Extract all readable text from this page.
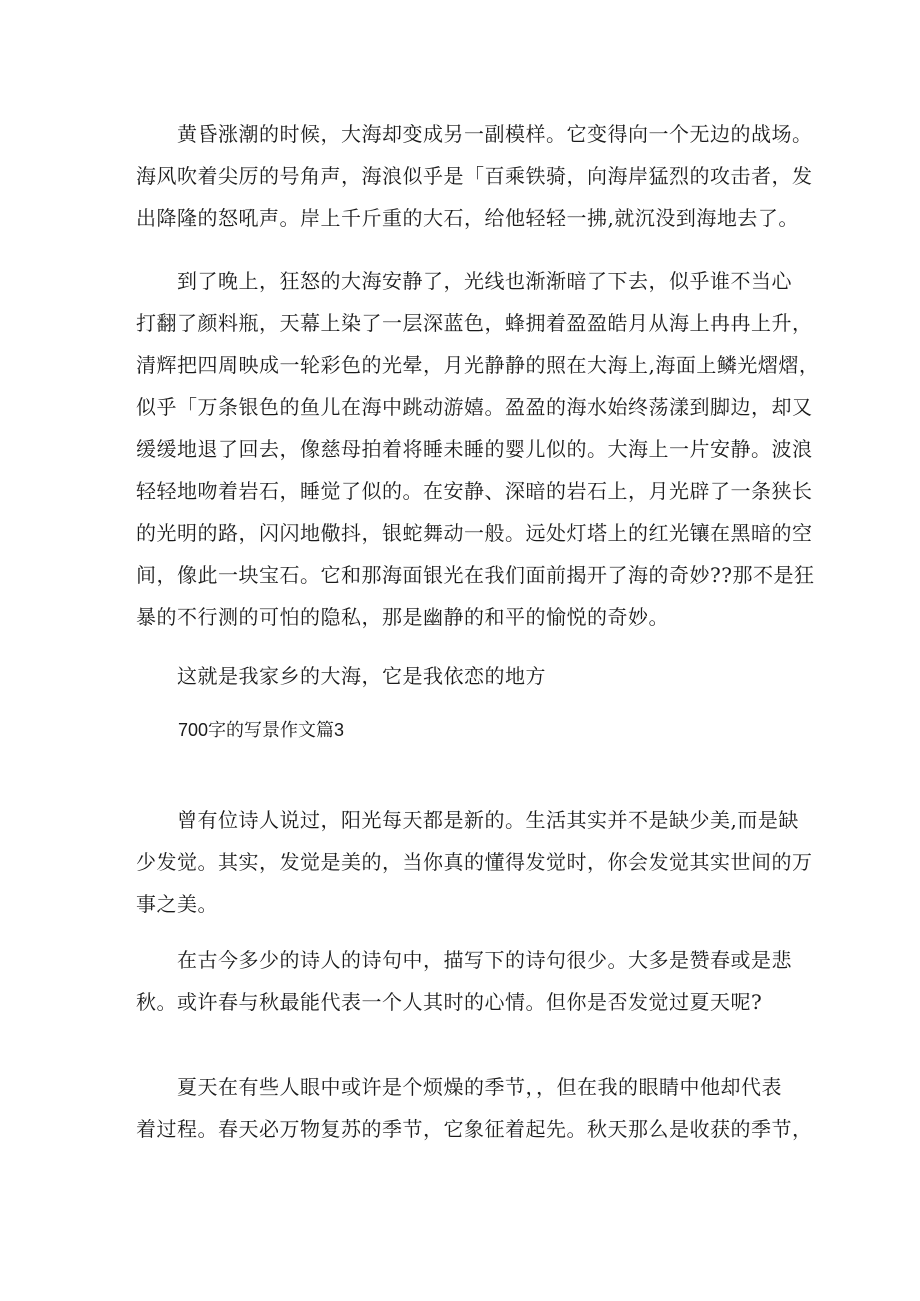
　　黄昏涨潮的时候，大海却变成另一副模样。它变得向一个无边的战场。
海风吹着尖厉的号角声，海浪似乎是「百乘铁骑，向海岸猛烈的攻击者，发
出降隆的怒吼声。岸上千斤重的大石，给他轻轻一拂,就沉没到海地去了。
　　到了晚上，狂怒的大海安静了，光线也渐渐暗了下去，似乎谁不当心
打翻了颜料瓶，天幕上染了一层深蓝色，蜂拥着盈盈皓月从海上冉冉上升，
清辉把四周映成一轮彩色的光晕，月光静静的照在大海上,海面上鳞光熠熠，
似乎「万条银色的鱼儿在海中跳动游嬉。盈盈的海水始终荡漾到脚边，却又
缓缓地退了回去，像慈母拍着将睡未睡的婴儿似的。大海上一片安静。波浪
轻轻地吻着岩石，睡觉了似的。在安静、深暗的岩石上，月光辟了一条狭长
的光明的路，闪闪地儆抖，银蛇舞动一般。远处灯塔上的红光镶在黑暗的空
间，像此一块宝石。它和那海面银光在我们面前揭开了海的奇妙??那不是狂
暴的不行测的可怕的隐私，那是幽静的和平的愉悦的奇妙。
　　这就是我家乡的大海，它是我依恋的地方
700字的写景作文篇3
　　曾有位诗人说过，阳光每天都是新的。生活其实并不是缺少美,而是缺
少发觉。其实，发觉是美的，当你真的懂得发觉时，你会发觉其实世间的万
事之美。
　　在古今多少的诗人的诗句中，描写下的诗句很少。大多是赞春或是悲
秋。或许春与秋最能代表一个人其时的心情。但你是否发觉过夏天呢?
　　夏天在有些人眼中或许是个烦燥的季节，，但在我的眼睛中他却代表
着过程。春天必万物复苏的季节，它象征着起先。秋天那么是收获的季节，
